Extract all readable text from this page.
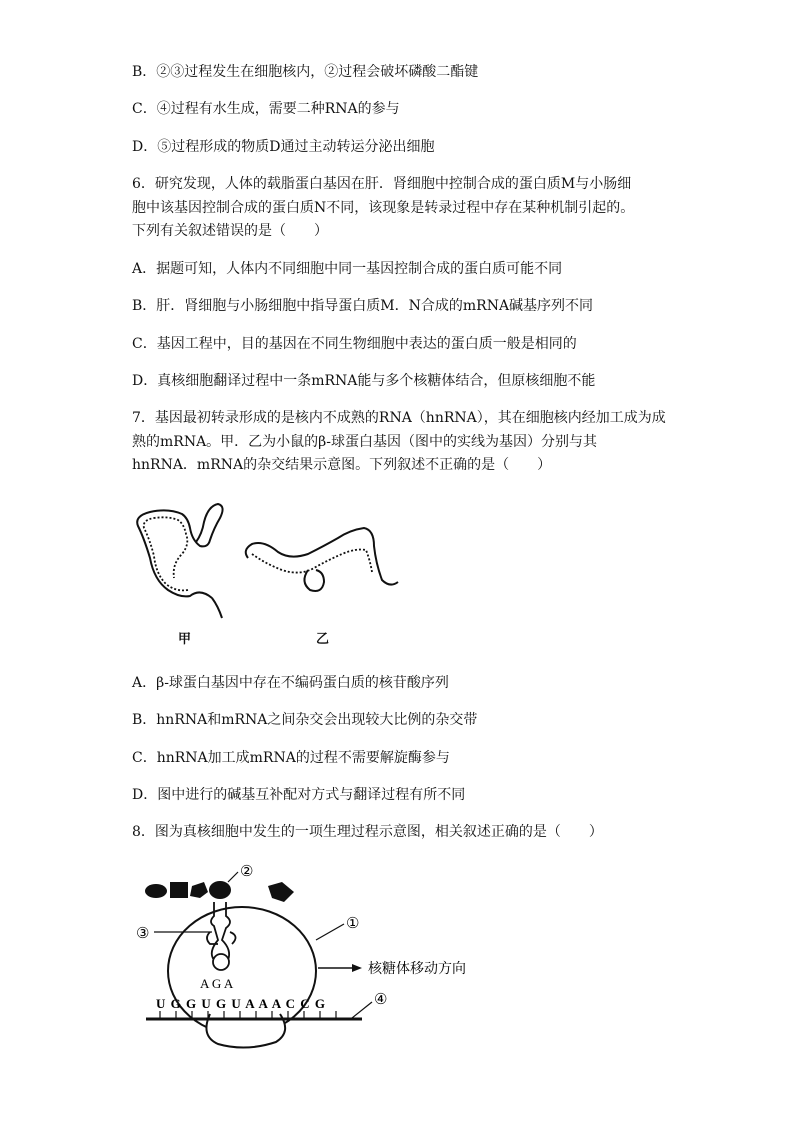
B．②③过程发生在细胞核内，②过程会破坏磷酸二酯键
C．④过程有水生成，需要二种RNA的参与
D．⑤过程形成的物质D通过主动转运分泌出细胞
6．研究发现，人体的载脂蛋白基因在肝．肾细胞中控制合成的蛋白质M与小肠细
胞中该基因控制合成的蛋白质N不同，该现象是转录过程中存在某种机制引起的。
下列有关叙述错误的是（　　）
A．据题可知，人体内不同细胞中同一基因控制合成的蛋白质可能不同
B．肝．肾细胞与小肠细胞中指导蛋白质M．N合成的mRNA碱基序列不同
C．基因工程中，目的基因在不同生物细胞中表达的蛋白质一般是相同的
D．真核细胞翻译过程中一条mRNA能与多个核糖体结合，但原核细胞不能
7．基因最初转录形成的是核内不成熟的RNA（hnRNA），其在细胞核内经加工成为成
熟的mRNA。甲．乙为小鼠的β-球蛋白基因（图中的实线为基因）分别与其
hnRNA．mRNA的杂交结果示意图。下列叙述不正确的是（　　）
甲	乙
A．β-球蛋白基因中存在不编码蛋白质的核苷酸序列
B．hnRNA和mRNA之间杂交会出现较大比例的杂交带
C．hnRNA加工成mRNA的过程不需要解旋酶参与
D．图中进行的碱基互补配对方式与翻译过程有所不同
8．图为真核细胞中发生的一项生理过程示意图，相关叙述正确的是（　　）
②
③
①
核糖体移动方向
A G A
U G G U G U A A A C C G	④
